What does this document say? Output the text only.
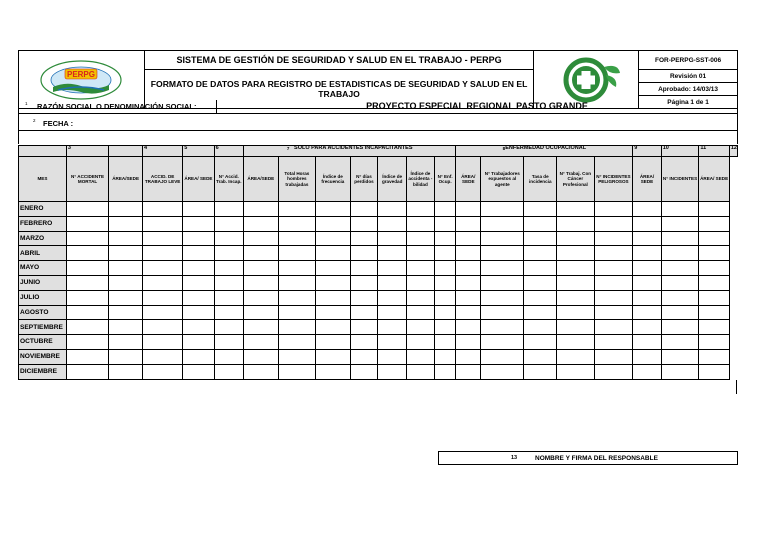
PERPG	SISTEMA DE GESTIÓN DE SEGURIDAD Y SALUD EN EL TRABAJO - PERPG		FOR-PERPG-SST-006
	FORMATO DE DATOS PARA REGISTRO DE ESTADISTICAS DE SEGURIDAD Y SALUD EN EL TRABAJO		Revisión 01
			Aprobado: 14/03/13
			Página 1 de 1
1 RAZÓN SOCIAL O DENOMINACIÓN SOCIAL:	PROYECTO ESPECIAL REGIONAL PASTO GRANDE
2 FECHA :
	3		4	5	6	$^7$ SOLO PARA ACCIDENTES INCAPACITANTES							$^8$ENFERMEDAD OCUPACIONAL					9	10	11	12
MES	N° ACCIDENTE MORTAL	ÁREA/SEDE	ACCID. DE TRABAJO LEVE	ÁREA/ SEDE	N° Accid. Trab. Incap.	ÁREA/SEDE	Total Horas hombres trabajadas	Índice de frecuencia	N° días perdidos	Índice de gravedad	Índice de accidenta - bilidad	N° Enf. Ocup.	ÁREA/ SEDE	N° Trabajadores expuestos al agente	Tasa de incidencia	N° Trabaj. Con Cáncer Profesional	N° INCIDENTES PELIGROSOS	ÁREA/ SEDE	N° INCIDENTES	ÁREA/ SEDE	
ENERO																					
FEBRERO																					
MARZO																					
ABRIL																					
MAYO																					
JUNIO																					
JULIO																					
AGOSTO																					
SEPTIEMBRE																					
OCTUBRE																					
NOVIEMBRE																					
DICIEMBRE																					
13	NOMBRE Y FIRMA DEL RESPONSABLE
